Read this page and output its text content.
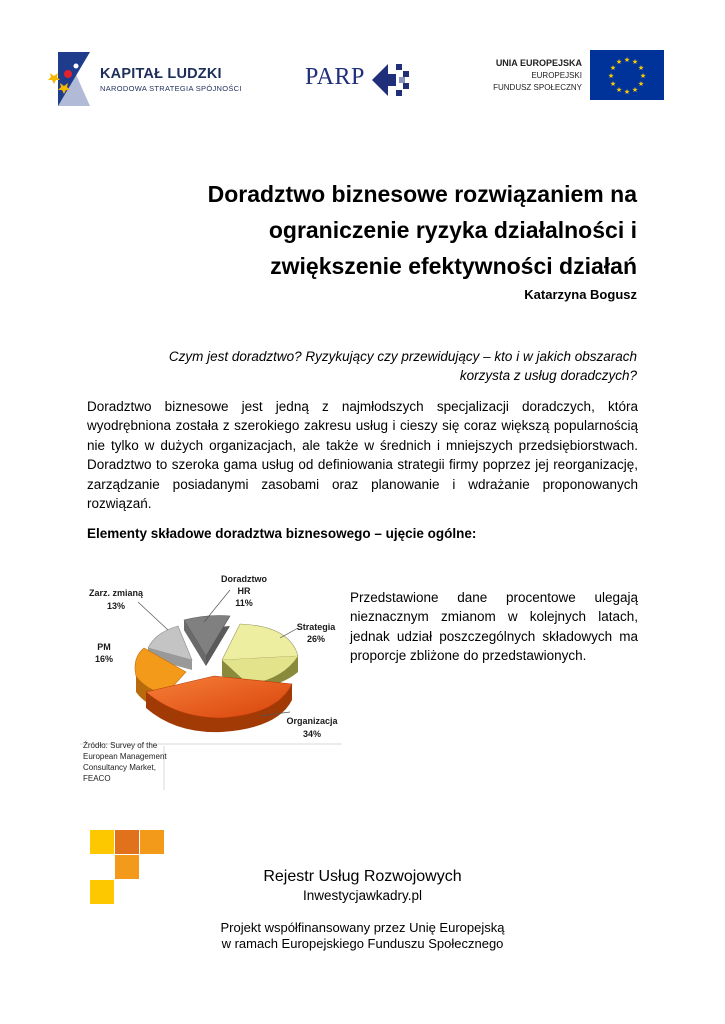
KAPITAŁ LUDZKI
NARODOWA STRATEGIA SPÓJNOŚCI	PARP
UNIA EUROPEJSKA
EUROPEJSKI
FUNDUSZ SPOŁECZNY
★ ★
★
★
★
★
★
★
★
★
★
★
Doradztwo biznesowe rozwiązaniem na
ograniczenie ryzyka działalności i
zwiększenie efektywności działań
Katarzyna Bogusz
Czym jest doradztwo? Ryzykujący czy przewidujący – kto i w jakich obszarach
korzysta z usług doradczych?
Doradztwo biznesowe jest jedną z najmłodszych specjalizacji doradczych, która wyodrębniona została z szerokiego zakresu usług i cieszy się coraz większą popularnością nie tylko w dużych organizacjach, ale także w średnich i mniejszych przedsiębiorstwach. Doradztwo to szeroka gama usług od definiowania strategii firmy poprzez jej reorganizację, zarządzanie posiadanymi zasobami oraz planowanie i wdrażanie proponowanych rozwiązań.
Elementy składowe doradztwa biznesowego – ujęcie ogólne:
Doradztwo
HR
11%
Strategia
26%
Organizacja
34%
PM
16%
Zarz. zmianą
13%
Źródło: Survey of the
European Management
Consultancy Market,
FEACO
Przedstawione dane procentowe ulegają nieznacznym zmianom w kolejnych latach, jednak udział poszczególnych składowych ma proporcje zbliżone do przedstawionych.
Rejestr Usług Rozwojowych
Inwestycjawkadry.pl
Projekt współfinansowany przez Unię Europejską
w ramach Europejskiego Funduszu Społecznego
